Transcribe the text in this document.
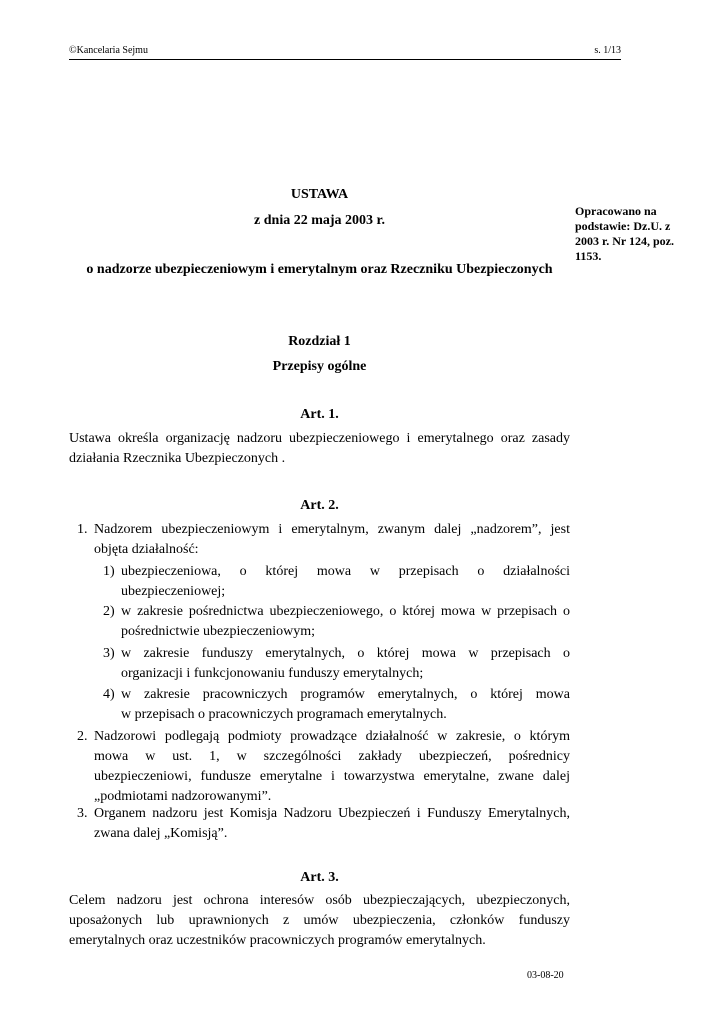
©Kancelaria Sejmu	s. 1/13
USTAWA
z dnia 22 maja 2003 r.
o nadzorze ubezpieczeniowym i emerytalnym oraz Rzeczniku Ubezpieczonych
Opracowano na
podstawie: Dz.U. z
2003 r. Nr 124, poz.
1153.
Rozdział 1
Przepisy ogólne
Art. 1.
Ustawa określa organizację nadzoru ubezpieczeniowego i emerytalnego oraz zasady
działania Rzecznika Ubezpieczonych .
Art. 2.
1. Nadzorem ubezpieczeniowym i emerytalnym, zwanym dalej „nadzorem”, jest
objęta działalność:
1) ubezpieczeniowa, o której mowa w przepisach o działalności
ubezpieczeniowej;
2) w zakresie pośrednictwa ubezpieczeniowego, o której mowa w przepisach o
pośrednictwie ubezpieczeniowym;
3) w zakresie funduszy emerytalnych, o której mowa w przepisach o
organizacji i funkcjonowaniu funduszy emerytalnych;
4) w zakresie pracowniczych programów emerytalnych, o której mowa
w przepisach o pracowniczych programach emerytalnych.
2. Nadzorowi podlegają podmioty prowadzące działalność w zakresie, o którym
mowa w ust. 1, w szczególności zakłady ubezpieczeń, pośrednicy
ubezpieczeniowi, fundusze emerytalne i towarzystwa emerytalne, zwane dalej
„podmiotami nadzorowanymi”.
3. Organem nadzoru jest Komisja Nadzoru Ubezpieczeń i Funduszy Emerytalnych,
zwana dalej „Komisją”.
Art. 3.
Celem nadzoru jest ochrona interesów osób ubezpieczających, ubezpieczonych,
uposażonych lub uprawnionych z umów ubezpieczenia, członków funduszy
emerytalnych oraz uczestników pracowniczych programów emerytalnych.
03-08-20
